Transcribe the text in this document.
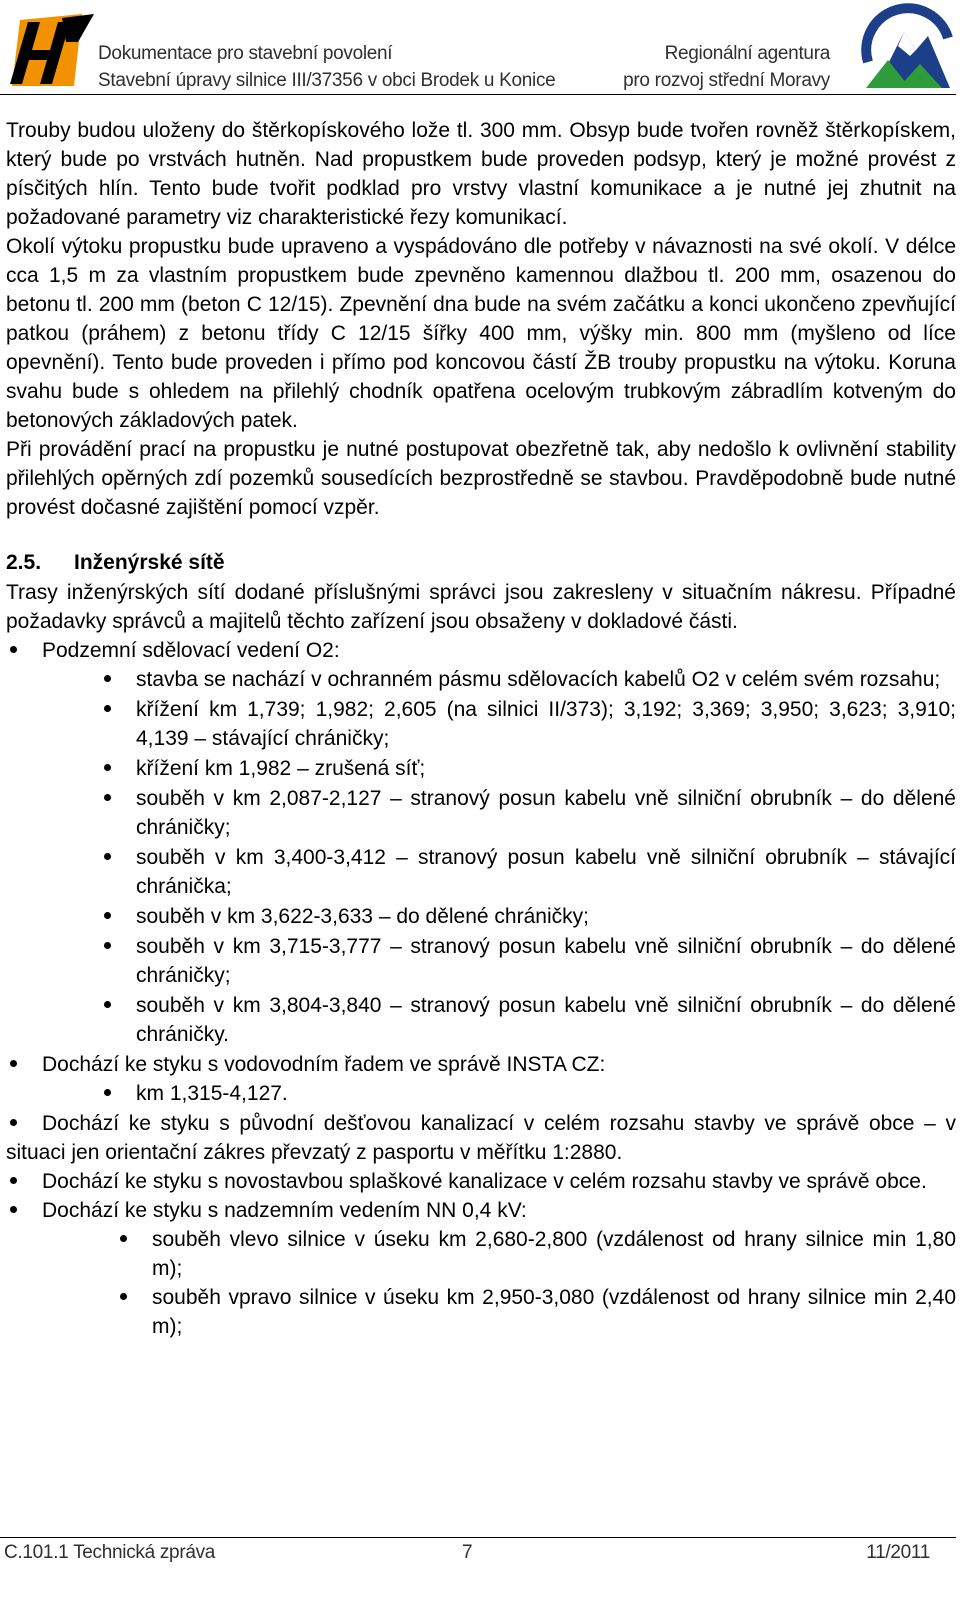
Dokumentace pro stavební povolení
Stavební úpravy silnice III/37356 v obci Brodek u Konice
Regionální agentura
pro rozvoj střední Moravy

Trouby budou uloženy do štěrkopískového lože tl. 300 mm. Obsyp bude tvořen rovněž štěrkopískem, který bude po vrstvách hutněn. Nad propustkem bude proveden podsyp, který je možné provést z písčitých hlín. Tento bude tvořit podklad pro vrstvy vlastní komunikace a je nutné jej zhutnit na požadované parametry viz charakteristické řezy komunikací.

Okolí výtoku propustku bude upraveno a vyspádováno dle potřeby v návaznosti na své okolí. V délce cca 1,5 m za vlastním propustkem bude zpevněno kamennou dlažbou tl. 200 mm, osazenou do betonu tl. 200 mm (beton C 12/15). Zpevnění dna bude na svém začátku a konci ukončeno zpevňující patkou (práhem) z betonu třídy C 12/15 šířky 400 mm, výšky min. 800 mm (myšleno od líce opevnění). Tento bude proveden i přímo pod koncovou částí ŽB trouby propustku na výtoku. Koruna svahu bude s ohledem na přilehlý chodník opatřena ocelovým trubkovým zábradlím kotveným do betonových základových patek.

Při provádění prací na propustku je nutné postupovat obezřetně tak, aby nedošlo k ovlivnění stability přilehlých opěrných zdí pozemků sousedících bezprostředně se stavbou. Pravděpodobně bude nutné provést dočasné zajištění pomocí vzpěr.

2.5. Inženýrské sítě

Trasy inženýrských sítí dodané příslušnými správci jsou zakresleny v situačním nákresu. Případné požadavky správců a majitelů těchto zařízení jsou obsaženy v dokladové části.

Podzemní sdělovací vedení O2:
stavba se nachází v ochranném pásmu sdělovacích kabelů O2 v celém svém rozsahu;
křížení km 1,739; 1,982; 2,605 (na silnici II/373); 3,192; 3,369; 3,950; 3,623; 3,910; 4,139 – stávající chráničky;
křížení km 1,982 – zrušená síť;
souběh v km 2,087-2,127 – stranový posun kabelu vně silniční obrubník – do dělené chráničky;
souběh v km 3,400-3,412 – stranový posun kabelu vně silniční obrubník – stávající chránička;
souběh v km 3,622-3,633 – do dělené chráničky;
souběh v km 3,715-3,777 – stranový posun kabelu vně silniční obrubník – do dělené chráničky;
souběh v km 3,804-3,840 – stranový posun kabelu vně silniční obrubník – do dělené chráničky.
Dochází ke styku s vodovodním řadem ve správě INSTA CZ:
km 1,315-4,127.
Dochází ke styku s původní dešťovou kanalizací v celém rozsahu stavby ve správě obce – v situaci jen orientační zákres převzatý z pasportu v měřítku 1:2880.
Dochází ke styku s novostavbou splaškové kanalizace v celém rozsahu stavby ve správě obce.
Dochází ke styku s nadzemním vedením NN 0,4 kV:
souběh vlevo silnice v úseku km 2,680-2,800 (vzdálenost od hrany silnice min 1,80 m);
souběh vpravo silnice v úseku km 2,950-3,080 (vzdálenost od hrany silnice min 2,40 m);
C.101.1 Technická zpráva	7	11/2011
